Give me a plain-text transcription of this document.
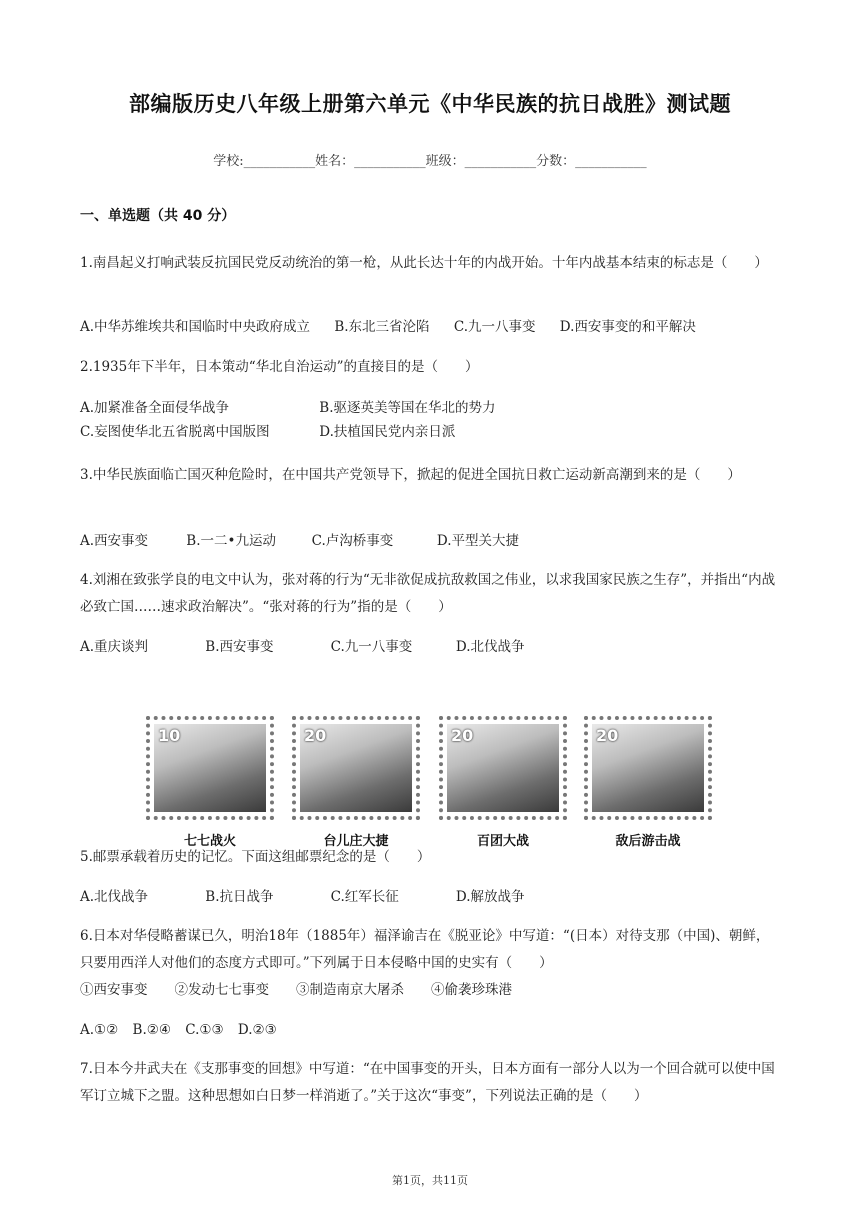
部编版历史八年级上册第六单元《中华民族的抗日战胜》测试题
学校:___________姓名：___________班级：___________分数：___________
一、单选题（共 40 分）
1.南昌起义打响武装反抗国民党反动统治的第一枪，从此长达十年的内战开始。十年内战基本结束的标志是（　　）
A.中华苏维埃共和国临时中央政府成立 B.东北三省沦陷 C.九一八事变 D.西安事变的和平解决
2.1935年下半年，日本策动“华北自治运动”的直接目的是（　　）
A.加紧准备全面侵华战争	B.驱逐英美等国在华北的势力
C.妄图使华北五省脱离中国版图	D.扶植国民党内亲日派
3.中华民族面临亡国灭种危险时，在中国共产党领导下，掀起的促进全国抗日救亡运动新高潮到来的是（　　）
A.西安事变	B.一二•九运动	C.卢沟桥事变	D.平型关大捷
4.刘湘在致张学良的电文中认为，张对蒋的行为“无非欲促成抗敌救国之伟业，以求我国家民族之生存”，并指出“内战必致亡国……速求政治解决”。“张对蒋的行为”指的是（　　）
A.重庆谈判	B.西安事变	C.九一八事变	D.北伐战争
10
七七战火
20
台儿庄大捷
20
百团大战
20
敌后游击战
5.邮票承载着历史的记忆。下面这组邮票纪念的是（　　）
A.北伐战争	B.抗日战争	C.红军长征	D.解放战争
6.日本对华侵略蓄谋已久，明治18年（1885年）福泽谕吉在《脱亚论》中写道：“(日本）对待支那（中国)、朝鲜，只要用西洋人对他们的态度方式即可。”下列属于日本侵略中国的史实有（　　）
①西安事变　　②发动七七事变　　③制造南京大屠杀　　④偷袭珍珠港
A.①② B.②④ C.①③ D.②③
7.日本今井武夫在《支那事变的回想》中写道：“在中国事变的开头，日本方面有一部分人以为一个回合就可以使中国军订立城下之盟。这种思想如白日梦一样消逝了。”关于这次“事变”，下列说法正确的是（　　）
第1页，共11页
